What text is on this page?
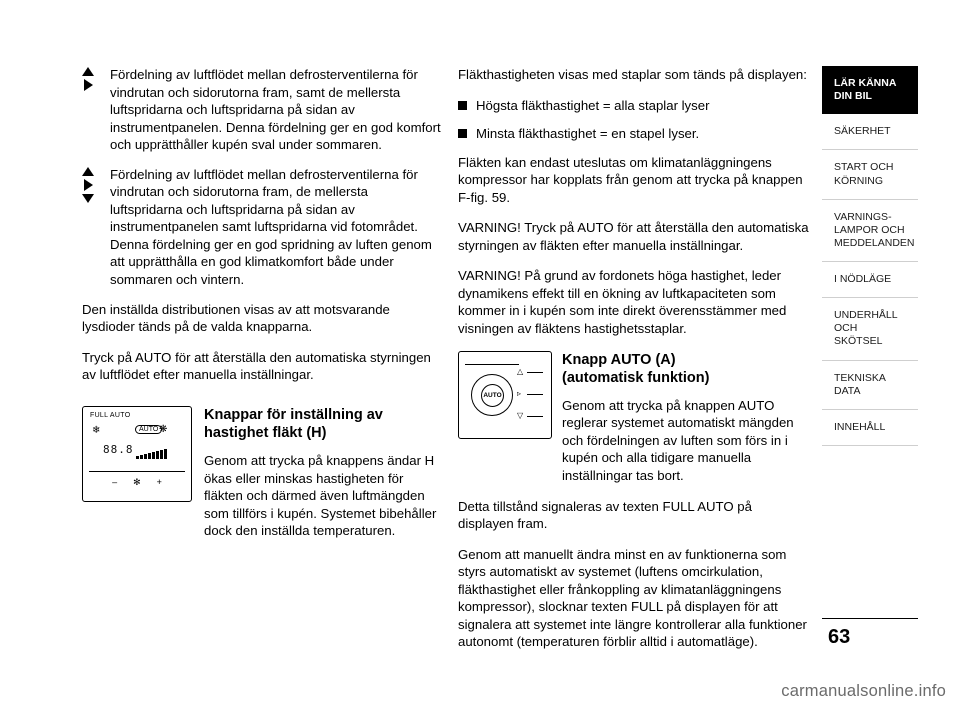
Fördelning av luftflödet mellan defrosterventilerna för vindrutan och sidorutorna fram, samt de mellersta luftspridarna och luftspridarna på sidan av instrumentpanelen. Denna fördelning ger en god komfort och upprätthåller kupén sval under sommaren.

Fördelning av luftflödet mellan defrosterventilerna för vindrutan och sidorutorna fram, de mellersta luftspridarna och luftspridarna på sidan av instrumentpanelen samt luftspridarna vid fotområdet. Denna fördelning ger en god spridning av luften genom att upprätthålla en god klimatkomfort både under sommaren och vintern.

Den inställda distributionen visas av att motsvarande lysdioder tänds på de valda knapparna.

Tryck på AUTO för att återställa den automatiska styrningen av luftflödet efter manuella inställningar.

FULL AUTO
❄	AUTO ❋
88.8
– ✻ +
Knappar för inställning av hastighet fläkt (H)

Genom att trycka på knappens ändar H ökas eller minskas hastigheten för fläkten och därmed även luftmängden som tillförs i kupén. Systemet bibehåller dock den inställda temperaturen.

Fläkthastigheten visas med staplar som tänds på displayen:

Högsta fläkthastighet = alla staplar lyser
Minsta fläkthastighet = en stapel lyser.

Fläkten kan endast uteslutas om klimatanläggningens kompressor har kopplats från genom att trycka på knappen F-fig. 59.

VARNING! Tryck på AUTO för att återställa den automatiska styrningen av fläkten efter manuella inställningar.

VARNING! På grund av fordonets höga hastighet, leder dynamikens effekt till en ökning av luftkapaciteten som kommer in i kupén som inte direkt överensstämmer med visningen av fläktens hastighetsstaplar.

AUTO
△
▹
▽
Knapp AUTO (A)
(automatisk funktion)

Genom att trycka på knappen AUTO reglerar systemet automatiskt mängden och fördelningen av luften som förs in i kupén och alla tidigare manuella inställningar tas bort.

Detta tillstånd signaleras av texten FULL AUTO på displayen fram.

Genom att manuellt ändra minst en av funktionerna som styrs automatiskt av systemet (luftens omcirkulation, fläkthastighet eller frånkoppling av klimatanläggningens kompressor), slocknar texten FULL på displayen för att signalera att systemet inte längre kontrollerar alla funktioner autonomt (temperaturen förblir alltid i automatläge).

LÄR KÄNNA DIN BIL
SÄKERHET
START OCH KÖRNING
VARNINGS- LAMPOR OCH MEDDELANDEN
I NÖDLÄGE
UNDERHÅLL OCH SKÖTSEL
TEKNISKA DATA
INNEHÅLL
63
carmanualsonline.info
